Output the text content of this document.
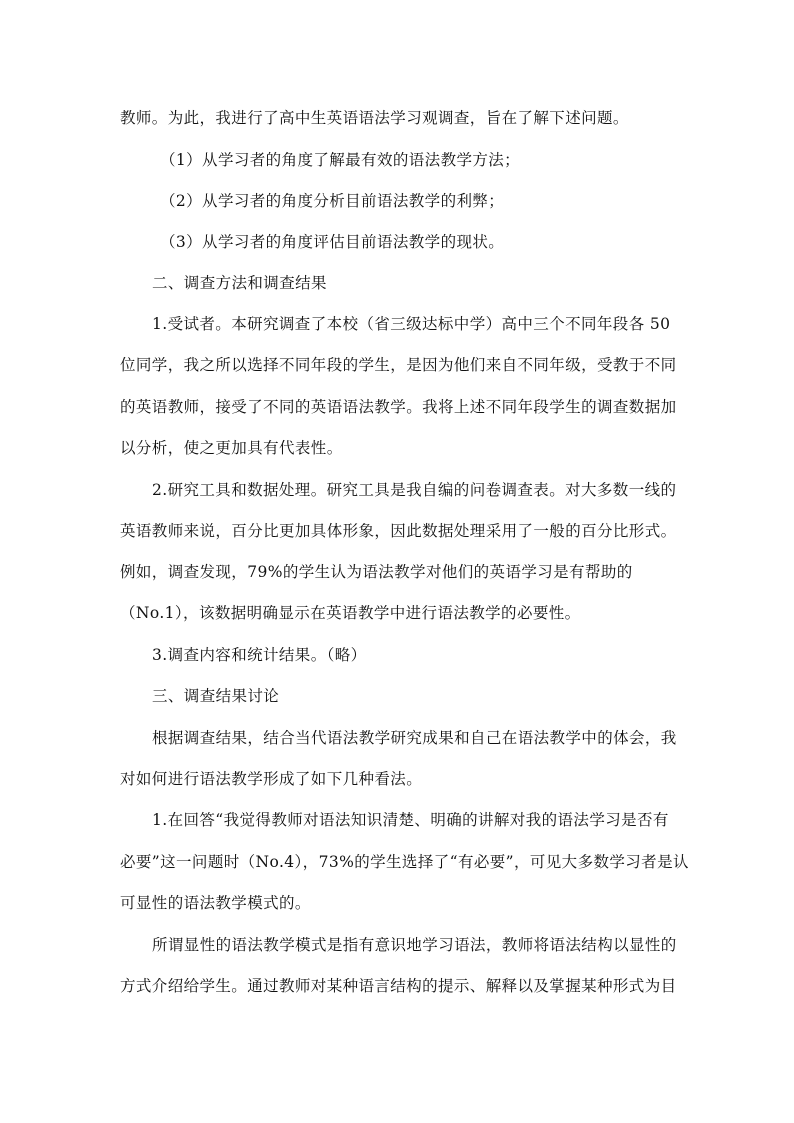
教师。为此，我进行了高中生英语语法学习观调查，旨在了解下述问题。
（1）从学习者的角度了解最有效的语法教学方法；
（2）从学习者的角度分析目前语法教学的利弊；
（3）从学习者的角度评估目前语法教学的现状。
二、调查方法和调查结果
1.受试者。本研究调查了本校（省三级达标中学）高中三个不同年段各 50
位同学，我之所以选择不同年段的学生，是因为他们来自不同年级，受教于不同
的英语教师，接受了不同的英语语法教学。我将上述不同年段学生的调查数据加
以分析，使之更加具有代表性。
2.研究工具和数据处理。研究工具是我自编的问卷调查表。对大多数一线的
英语教师来说，百分比更加具体形象，因此数据处理采用了一般的百分比形式。
例如，调查发现，79%的学生认为语法教学对他们的英语学习是有帮助的
（No.1），该数据明确显示在英语教学中进行语法教学的必要性。
3.调查内容和统计结果。（略）
三、调查结果讨论
根据调查结果，结合当代语法教学研究成果和自己在语法教学中的体会，我
对如何进行语法教学形成了如下几种看法。
1.在回答“我觉得教师对语法知识清楚、明确的讲解对我的语法学习是否有
必要”这一问题时（No.4），73%的学生选择了“有必要”，可见大多数学习者是认
可显性的语法教学模式的。
所谓显性的语法教学模式是指有意识地学习语法，教师将语法结构以显性的
方式介绍给学生。通过教师对某种语言结构的提示、解释以及掌握某种形式为目
